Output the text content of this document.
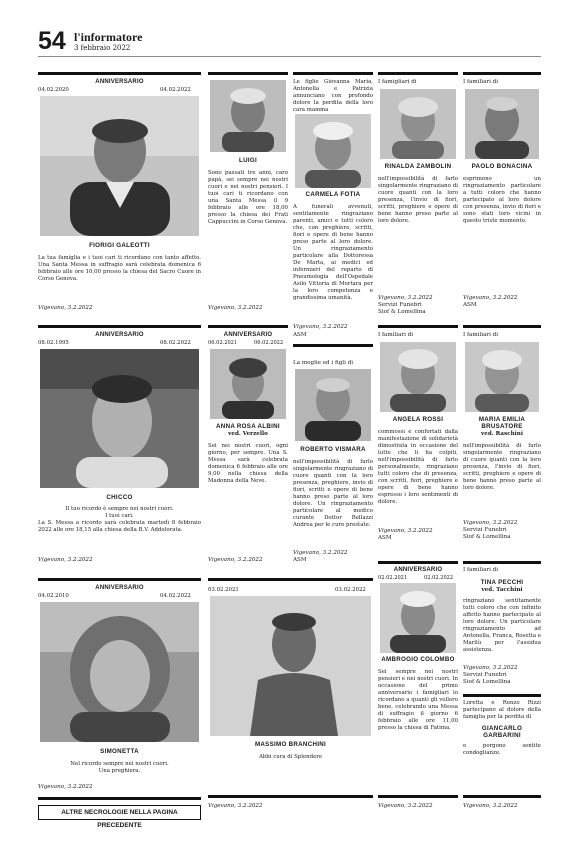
54 l'informatore
3 febbraio 2022
ANNIVERSARIO
04.02.2020	04.02.2022
FIORIGI GALEOTTI
La tua famiglia e i tuoi cari ti ricordano con tanto affetto. Una Santa Messa in suffragio sarà celebrata domenica 6 febbraio alle ore 10,00 presso la chiesa del Sacro Cuore in Corso Genova.
Vigevano, 3.2.2022
LUIGI
Sono passati tre anni, caro papà, sei sempre nei nostri cuori e nei nostri pensieri. I tuoi cari ti ricordano con una Santa Messa il 9 febbraio alle ore 18,00 presso la chiesa dei Frati Cappuccini in Corso Genova.
Vigevano, 3.2.2022
Le figlie Giovanna Maria, Antonella e Patrizia annunciano con profondo dolore la perdita della loro cara mamma
CARMELA FOTIA
A funerali avvenuti, sentitamente ringraziano parenti, amici e tutti coloro che, con preghiere, scritti, fiori e opere di bene hanno preso parte al loro dolore. Un ringraziamento particolare alla Dottoressa De Marta, ai medici ed infermieri del reparto di Pneumologia dell'Ospedale Asilo Vittoria di Mortara per la loro competenza e grandissima umanità.
Vigevano, 3.2.2022
ASM
I famigliari di
RINALDA ZAMBOLIN
nell'impossibilità di farlo singolarmente ringraziano di cuore quanti con la loro presenza, l'invio di fiori, scritti, preghiere e opere di bene hanno preso parte al loro dolore.
Vigevano, 3.2.2022
Servizi Funebri
Siof & Lomellina
I familiari di
PAOLO BONACINA
esprimono un ringraziamento particolare a tutti coloro che hanno partecipato al loro dolore con presenza, invio di fiori e sono stati loro vicini in questo triste momento.
Vigevano, 3.2.2022
ASM
ANNIVERSARIO
08.02.1995	08.02.2022
CHICCO
Il tuo ricordo è sempre nei nostri cuori.
I tuoi cari.
La S. Messa a ricordo sarà celebrata martedì 8 febbraio 2022 alle ore 18,15 alla chiesa della B.V. Addolorata.
Vigevano, 3.2.2022
ANNIVERSARIO
06.02.2021	06.02.2022
ANNA ROSA ALBINI
ved. Verzello
Sei nei nostri cuori, ogni giorno, per sempre. Una S. Messa sarà celebrata domenica 6 febbraio alle ore 9,00 nella chiesa della Madonna della Neve.
Vigevano, 3.2.2022
La moglie ed i figli di
ROBERTO VISMARA
nell'impossibilità di farlo singolarmente ringraziano di cuore quanti con la loro presenza, preghiere, invio di fiori, scritti e opere di bene hanno preso parte al loro dolore. Un ringraziamento particolare al medico curante Dottor Bellazzi Andrea per le cure prestate.
Vigevano, 3.2.2022
ASM
I familiari di
ANGELA ROSSI
commossi e confortati dalla manifestazione di solidarietà dimostrata in occasione del lutto che li ha colpiti, nell'impossibilità di farlo personalmente, ringraziano tutti coloro che di presenza, con scritti, fiori, preghiere e opere di bene hanno espresso i loro sentimenti di dolore.
Vigevano, 3.2.2022
ASM
I familiari di
MARIA EMILIA BRUSATORE
ved. Raschini
nell'impossibilità di farlo singolarmente ringraziano di cuore quanti con la loro presenza, l'invio di fiori, scritti, preghiere e opere di bene hanno preso parte al loro dolore.
Vigevano, 3.2.2022
Servizi Funebri
Siof & Lomellina
ANNIVERSARIO
04.02.2010	04.02.2022
SIMONETTA
Nel ricordo sempre nei nostri cuori.
Una preghiera.
Vigevano, 3.2.2022
ALTRE NECROLOGIE NELLA PAGINA PRECEDENTE
03.02.2021	03.02.2022
MASSIMO BRANCHINI
Abbi cura di Splendere
Vigevano, 3.2.2022
ANNIVERSARIO
02.02.2021	02.02.2022
AMBROGIO COLOMBO
Sei sempre nei nostri pensieri e nei nostri cuori. In occasione del primo anniversario i famigliari lo ricordano a quanti gli vollero bene, celebrando una Messa di suffragio il giorno 6 febbraio alle ore 11,00 presso la chiesa di Fatima.
Vigevano, 3.2.2022
I familiari di
TINA PECCHI
ved. Tacchini
ringraziano sentitamente tutti coloro che con infinito affetto hanno partecipato al loro dolore. Un particolare ringraziamento ad Antonella, Franca, Rosetta e Marilù per l'assidua assistenza.
Vigevano, 3.2.2022
Servizi Funebri
Siof & Lomellina
Loretta e Renzo Rizzi partecipano al dolore della famiglia per la perdita di
GIANCARLO GARBARINI
e porgono sentite condoglianze.
Vigevano, 3.2.2022
